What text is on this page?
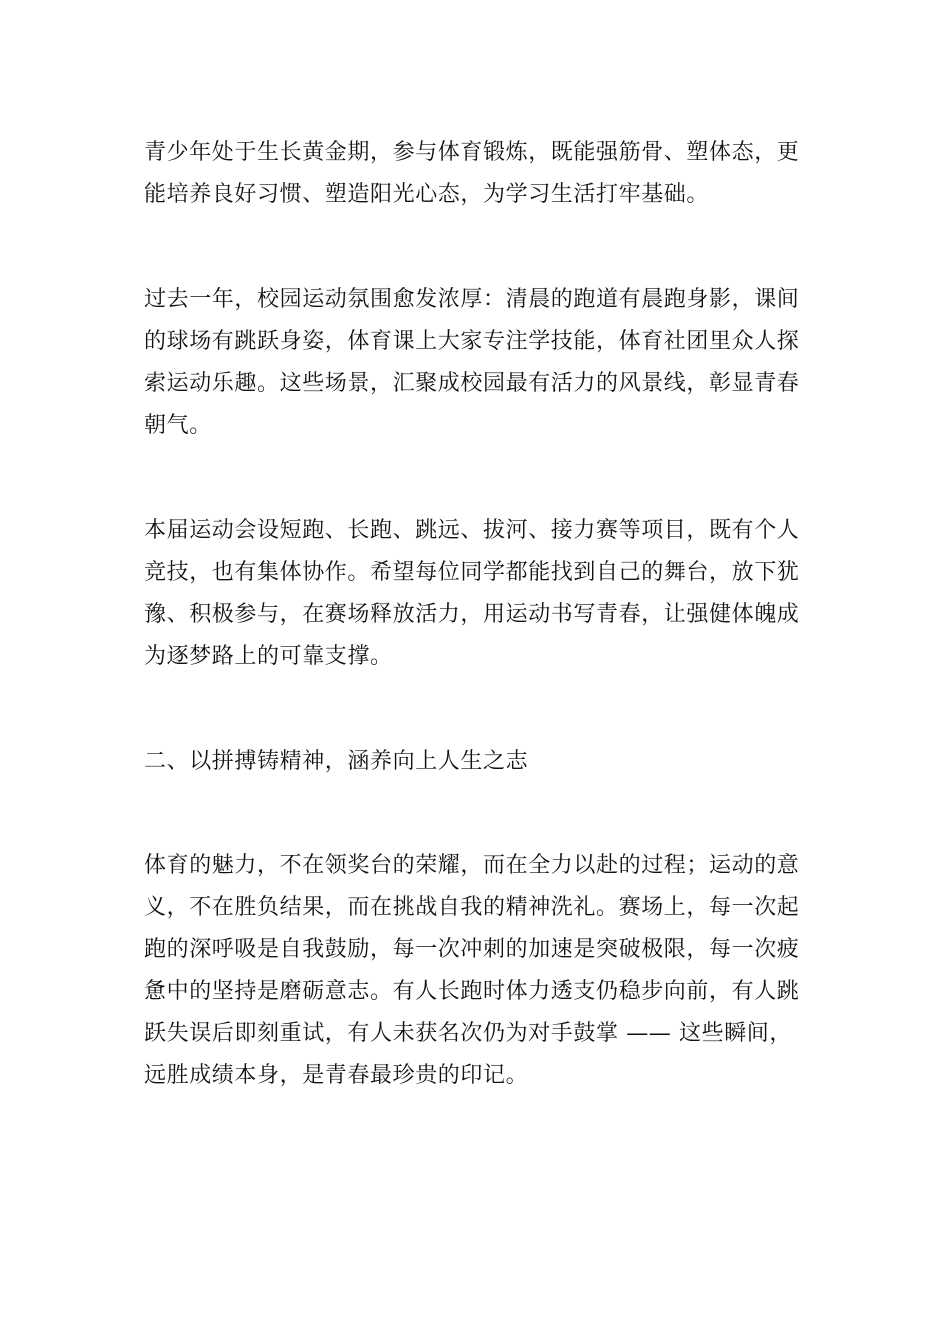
青少年处于生长黄金期，参与体育锻炼，既能强筋骨、塑体态，更
能培养良好习惯、塑造阳光心态，为学习生活打牢基础。

过去一年，校园运动氛围愈发浓厚：清晨的跑道有晨跑身影，课间
的球场有跳跃身姿，体育课上大家专注学技能，体育社团里众人探
索运动乐趣。这些场景，汇聚成校园最有活力的风景线，彰显青春
朝气。

本届运动会设短跑、长跑、跳远、拔河、接力赛等项目，既有个人
竞技，也有集体协作。希望每位同学都能找到自己的舞台，放下犹
豫、积极参与，在赛场释放活力，用运动书写青春，让强健体魄成
为逐梦路上的可靠支撑。

二、以拼搏铸精神，涵养向上人生之志

体育的魅力，不在领奖台的荣耀，而在全力以赴的过程；运动的意
义，不在胜负结果，而在挑战自我的精神洗礼。赛场上，每一次起
跑的深呼吸是自我鼓励，每一次冲刺的加速是突破极限，每一次疲
惫中的坚持是磨砺意志。有人长跑时体力透支仍稳步向前，有人跳
跃失误后即刻重试，有人未获名次仍为对手鼓掌 —— 这些瞬间，
远胜成绩本身，是青春最珍贵的印记。
